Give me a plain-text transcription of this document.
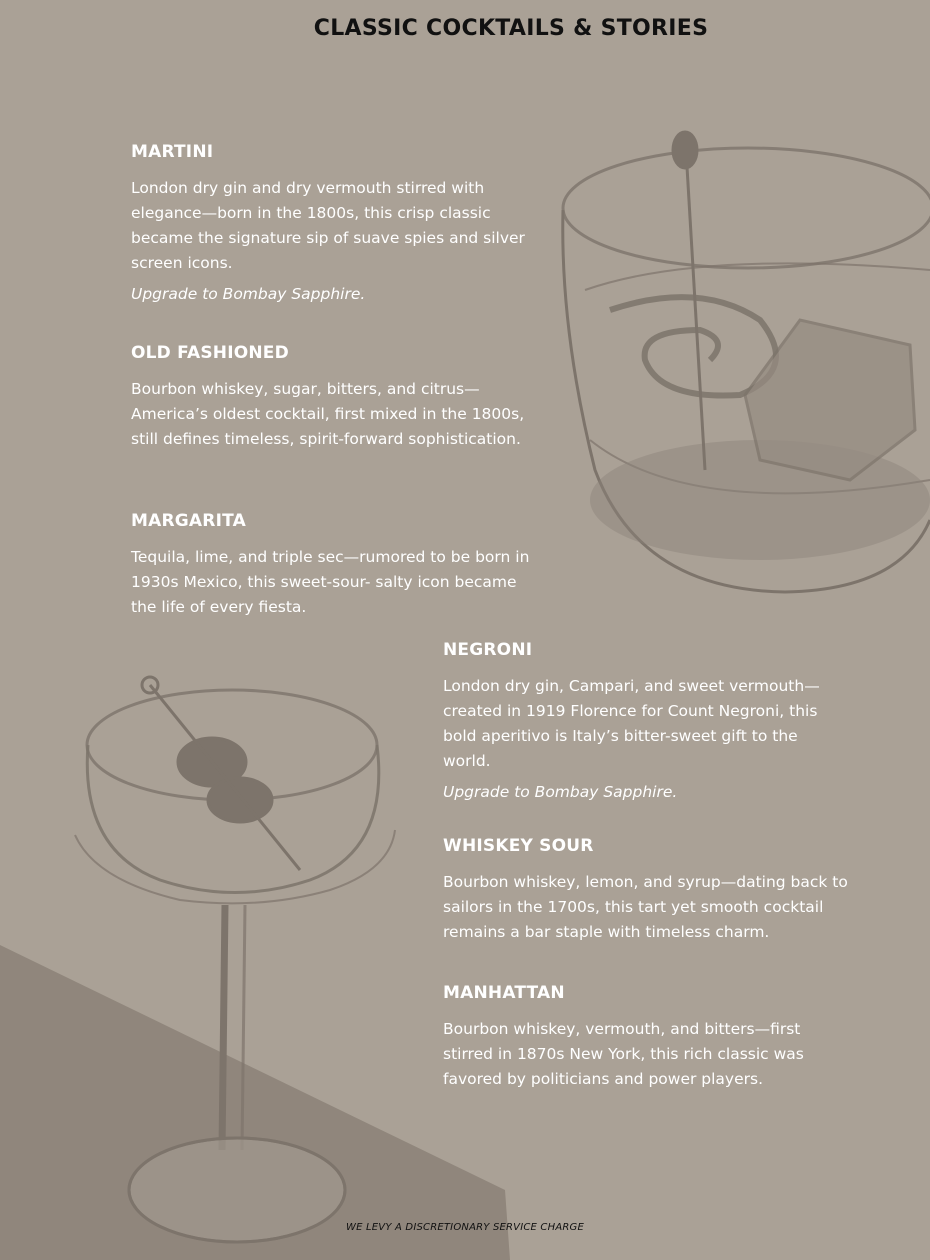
CLASSIC COCKTAILS & STORIES
MARTINI

London dry gin and dry vermouth stirred with elegance—born in the 1800s, this crisp classic became the signature sip of suave spies and silver screen icons.

Upgrade to Bombay Sapphire.
OLD FASHIONED

Bourbon whiskey, sugar, bitters, and citrus—America’s oldest cocktail, first mixed in the 1800s, still defines timeless, spirit-forward sophistication.

MARGARITA

Tequila, lime, and triple sec—rumored to be born in 1930s Mexico, this sweet-sour- salty icon became the life of every fiesta.

NEGRONI

London dry gin, Campari, and sweet vermouth—created in 1919 Florence for Count Negroni, this bold aperitivo is Italy’s bitter-sweet gift to the world.

Upgrade to Bombay Sapphire.
WHISKEY SOUR

Bourbon whiskey, lemon, and syrup—dating back to sailors in the 1700s, this tart yet smooth cocktail remains a bar staple with timeless charm.

MANHATTAN

Bourbon whiskey, vermouth, and bitters—first stirred in 1870s New York, this rich classic was favored by politicians and power players.

WE LEVY A DISCRETIONARY SERVICE CHARGE
